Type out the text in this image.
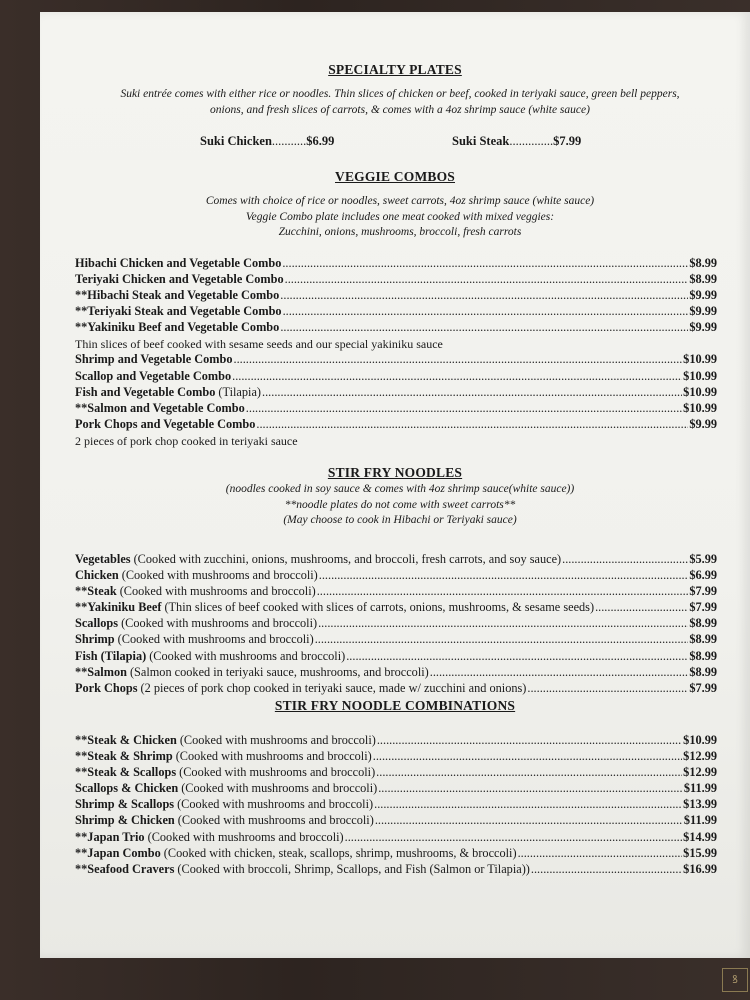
SPECIALTY PLATES
Suki entrée comes with either rice or noodles. Thin slices of chicken or beef, cooked in teriyaki sauce, green bell peppers,
onions, and fresh slices of carrots, & comes with a 4oz shrimp sauce (white sauce)
Suki Chicken...........$6.99	Suki Steak..............$7.99
VEGGIE COMBOS
Comes with choice of rice or noodles, sweet carrots, 4oz shrimp sauce (white sauce)
Veggie Combo plate includes one meat cooked with mixed veggies:
Zucchini, onions, mushrooms, broccoli, fresh carrots
Hibachi Chicken and Vegetable Combo .....	$8.99
Teriyaki Chicken and Vegetable Combo .....	$8.99
**Hibachi Steak and Vegetable Combo .....	$9.99
**Teriyaki Steak and Vegetable Combo .....	$9.99
**Yakiniku Beef and Vegetable Combo .....	$9.99
Thin slices of beef cooked with sesame seeds and our special yakiniku sauce
Shrimp and Vegetable Combo .....	$10.99
Scallop and Vegetable Combo .....	$10.99
Fish and Vegetable Combo (Tilapia) .....	$10.99
**Salmon and Vegetable Combo .....	$10.99
Pork Chops and Vegetable Combo .....	$9.99
2 pieces of pork chop cooked in teriyaki sauce
STIR FRY NOODLES
(noodles cooked in soy sauce & comes with 4oz shrimp sauce(white sauce))
**noodle plates do not come with sweet carrots**
(May choose to cook in Hibachi or Teriyaki sauce)
Vegetables (Cooked with zucchini, onions, mushrooms, and broccoli, fresh carrots, and soy sauce) .....	$5.99
Chicken (Cooked with mushrooms and broccoli) .....	$6.99
**Steak (Cooked with mushrooms and broccoli) .....	$7.99
**Yakiniku Beef (Thin slices of beef cooked with slices of carrots, onions, mushrooms, & sesame seeds) .....	$7.99
Scallops (Cooked with mushrooms and broccoli) .....	$8.99
Shrimp (Cooked with mushrooms and broccoli) .....	$8.99
Fish (Tilapia) (Cooked with mushrooms and broccoli) .....	$8.99
**Salmon (Salmon cooked in teriyaki sauce, mushrooms, and broccoli) .....	$8.99
Pork Chops (2 pieces of pork chop cooked in teriyaki sauce, made w/ zucchini and onions) .....	$7.99
STIR FRY NOODLE COMBINATIONS
**Steak & Chicken (Cooked with mushrooms and broccoli) .....	$10.99
**Steak & Shrimp (Cooked with mushrooms and broccoli) .....	$12.99
**Steak & Scallops (Cooked with mushrooms and broccoli) .....	$12.99
Scallops & Chicken (Cooked with mushrooms and broccoli) .....	$11.99
Shrimp & Scallops (Cooked with mushrooms and broccoli) .....	$13.99
Shrimp & Chicken (Cooked with mushrooms and broccoli) .....	$11.99
**Japan Trio (Cooked with mushrooms and broccoli) .....	$14.99
**Japan Combo (Cooked with chicken, steak, scallops, shrimp, mushrooms, & broccoli) .....	$15.99
**Seafood Cravers (Cooked with broccoli, Shrimp, Scallops, and Fish (Salmon or Tilapia)) .....	$16.99
ꝸ
